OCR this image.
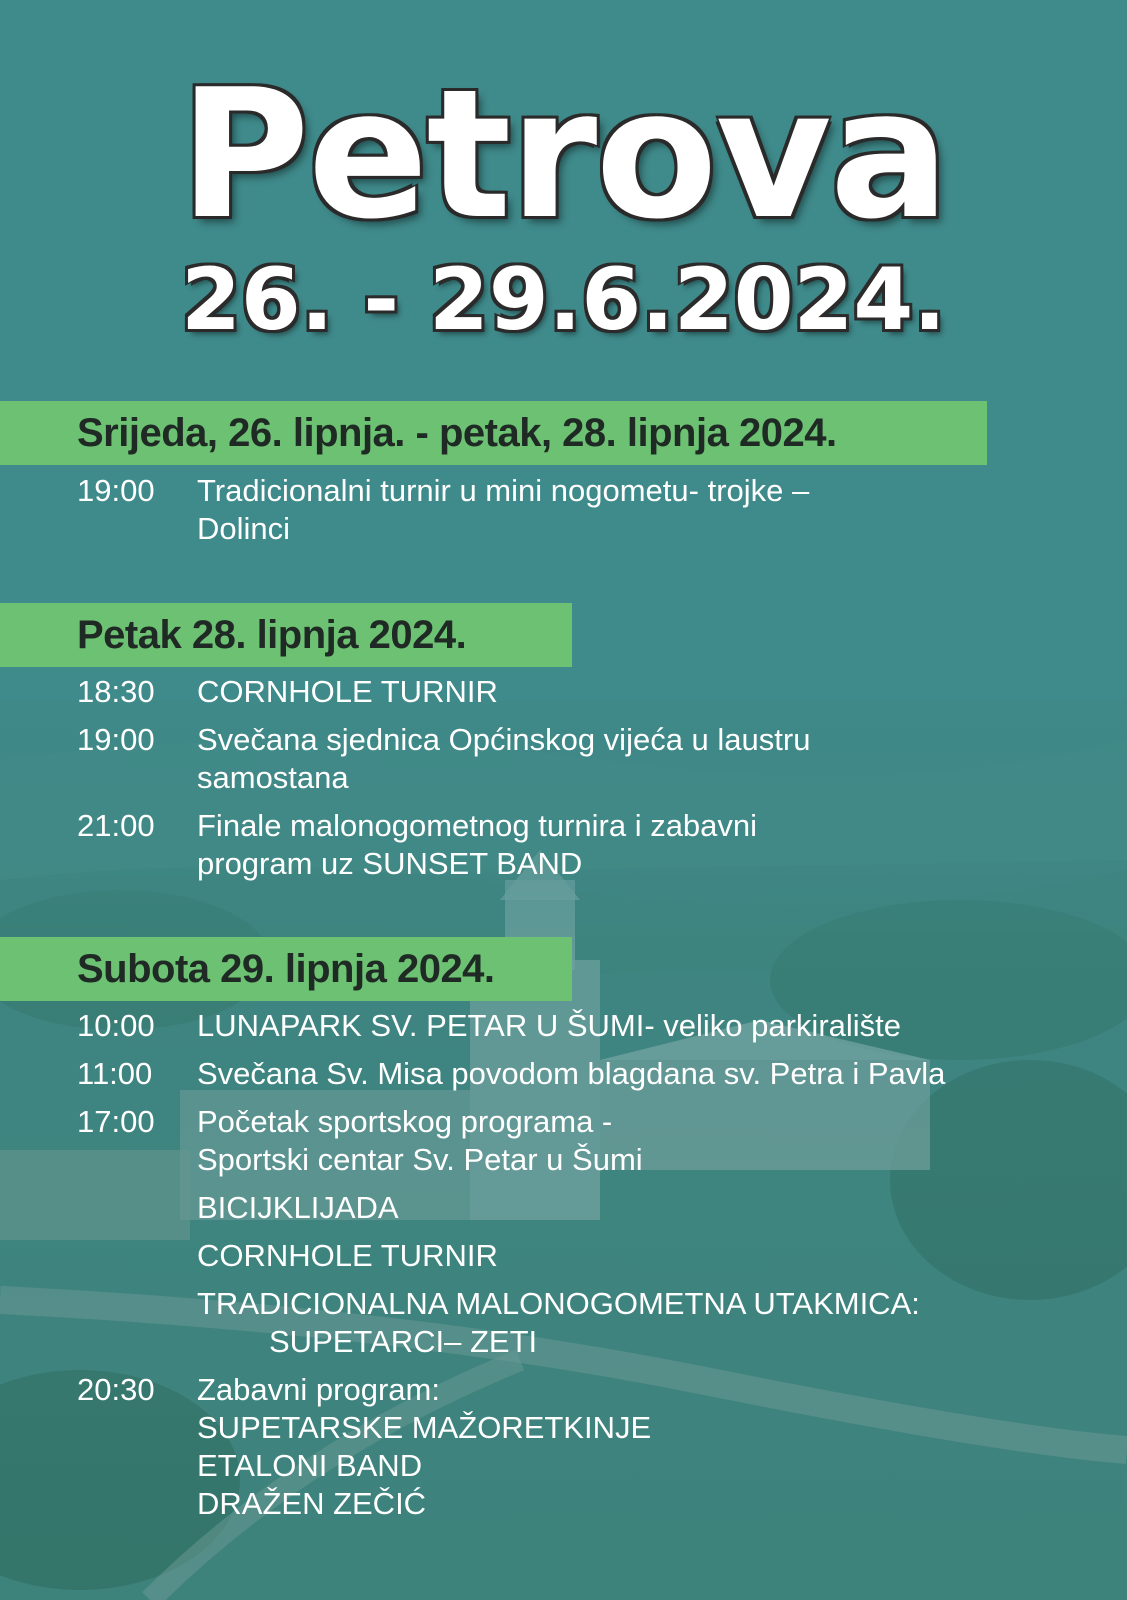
Petrova
26. - 29.6.2024.
Srijeda, 26. lipnja. - petak, 28. lipnja 2024.
19:00	Tradicionalni turnir u mini nogometu- trojke –
Dolinci
Petak 28. lipnja 2024.
18:30	CORNHOLE TURNIR
19:00	Svečana sjednica Općinskog vijeća u laustru
samostana
21:00	Finale malonogometnog turnira i zabavni
program uz SUNSET BAND
Subota 29. lipnja 2024.
10:00	LUNAPARK SV. PETAR U ŠUMI- veliko parkiralište
11:00	Svečana Sv. Misa povodom blagdana sv. Petra i Pavla
17:00	Početak sportskog programa -
Sportski centar Sv. Petar u Šumi
BICIJKLIJADA
CORNHOLE TURNIR
TRADICIONALNA MALONOGOMETNA UTAKMICA:
SUPETARCI– ZETI
20:30	Zabavni program:
SUPETARSKE MAŽORETKINJE
ETALONI BAND
DRAŽEN ZEČIĆ
